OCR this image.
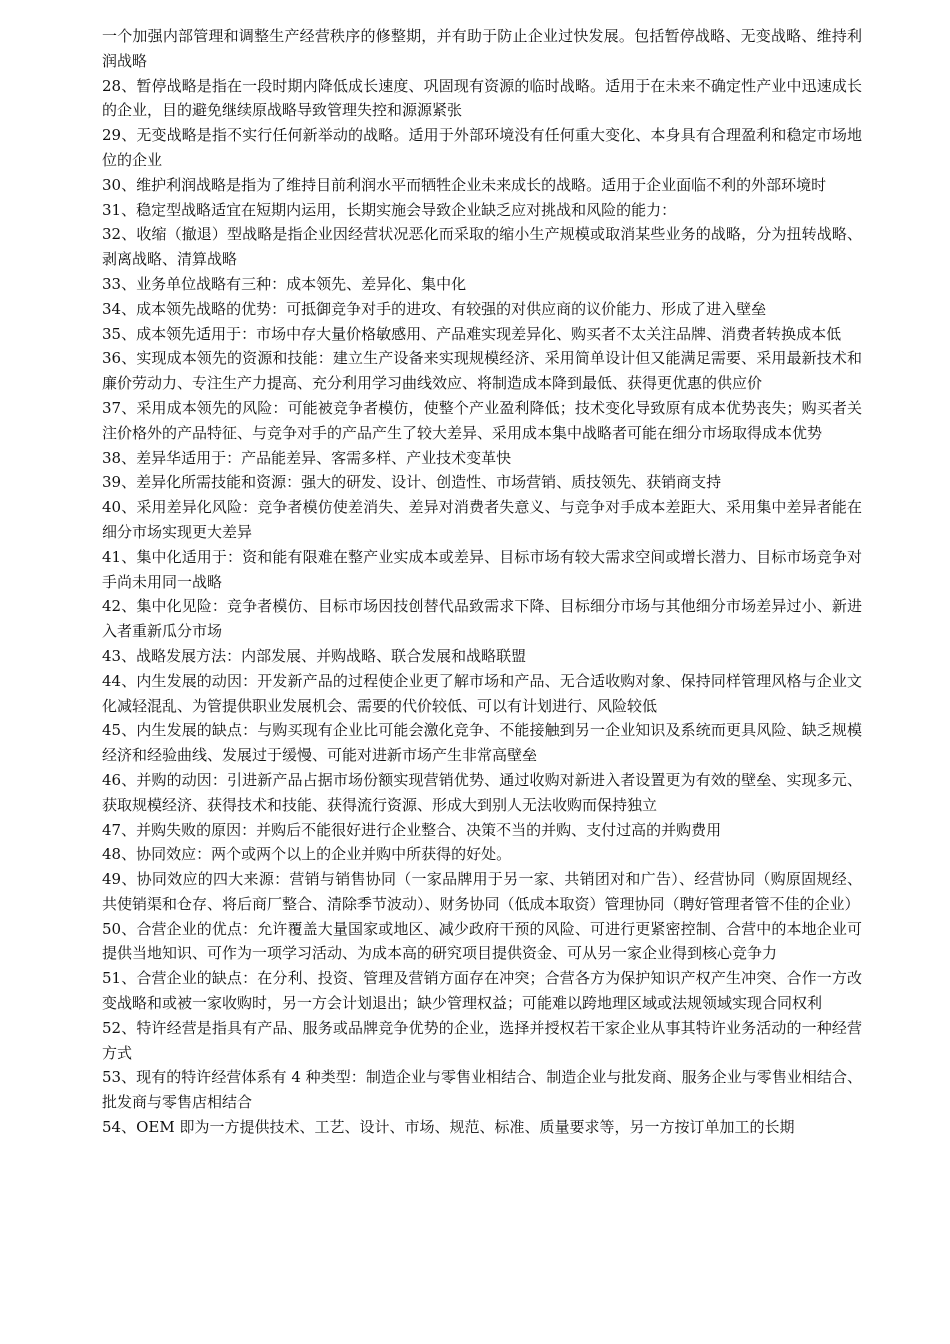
一个加强内部管理和调整生产经营秩序的修整期，并有助于防止企业过快发展。包括暂停战略、无变战略、维持利润战略

28、暂停战略是指在一段时期内降低成长速度、巩固现有资源的临时战略。适用于在未来不确定性产业中迅速成长的企业，目的避免继续原战略导致管理失控和源源紧张

29、无变战略是指不实行任何新举动的战略。适用于外部环境没有任何重大变化、本身具有合理盈利和稳定市场地位的企业

30、维护利润战略是指为了维持目前利润水平而牺牲企业未来成长的战略。适用于企业面临不利的外部环境时

31、稳定型战略适宜在短期内运用，长期实施会导致企业缺乏应对挑战和风险的能力：

32、收缩（撤退）型战略是指企业因经营状况恶化而采取的缩小生产规模或取消某些业务的战略，分为扭转战略、剥离战略、清算战略

33、业务单位战略有三种：成本领先、差异化、集中化

34、成本领先战略的优势：可抵御竞争对手的进攻、有较强的对供应商的议价能力、形成了进入壁垒

35、成本领先适用于：市场中存大量价格敏感用、产品难实现差异化、购买者不太关注品牌、消费者转换成本低

36、实现成本领先的资源和技能：建立生产设备来实现规模经济、采用简单设计但又能满足需要、采用最新技术和廉价劳动力、专注生产力提高、充分利用学习曲线效应、将制造成本降到最低、获得更优惠的供应价

37、采用成本领先的风险：可能被竞争者模仿，使整个产业盈利降低；技术变化导致原有成本优势丧失；购买者关注价格外的产品特征、与竞争对手的产品产生了较大差异、采用成本集中战略者可能在细分市场取得成本优势

38、差异华适用于：产品能差异、客需多样、产业技术变革快

39、差异化所需技能和资源：强大的研发、设计、创造性、市场营销、质技领先、获销商支持

40、采用差异化风险：竞争者模仿使差消失、差异对消费者失意义、与竞争对手成本差距大、采用集中差异者能在细分市场实现更大差异

41、集中化适用于：资和能有限难在整产业实成本或差异、目标市场有较大需求空间或增长潜力、目标市场竞争对手尚未用同一战略

42、集中化见险：竞争者模仿、目标市场因技创替代品致需求下降、目标细分市场与其他细分市场差异过小、新进入者重新瓜分市场

43、战略发展方法：内部发展、并购战略、联合发展和战略联盟

44、内生发展的动因：开发新产品的过程使企业更了解市场和产品、无合适收购对象、保持同样管理风格与企业文化减轻混乱、为管提供职业发展机会、需要的代价较低、可以有计划进行、风险较低

45、内生发展的缺点：与购买现有企业比可能会激化竞争、不能接触到另一企业知识及系统而更具风险、缺乏规模经济和经验曲线、发展过于缓慢、可能对进新市场产生非常高壁垒

46、并购的动因：引进新产品占据市场份额实现营销优势、通过收购对新进入者设置更为有效的壁垒、实现多元、获取规模经济、获得技术和技能、获得流行资源、形成大到别人无法收购而保持独立

47、并购失败的原因：并购后不能很好进行企业整合、决策不当的并购、支付过高的并购费用

48、协同效应：两个或两个以上的企业并购中所获得的好处。

49、协同效应的四大来源：营销与销售协同（一家品牌用于另一家、共销团对和广告）、经营协同（购原固规经、共使销渠和仓存、将后商厂整合、清除季节波动）、财务协同（低成本取资）管理协同（聘好管理者管不佳的企业）

50、合营企业的优点：允许覆盖大量国家或地区、减少政府干预的风险、可进行更紧密控制、合营中的本地企业可提供当地知识、可作为一项学习活动、为成本高的研究项目提供资金、可从另一家企业得到核心竞争力

51、合营企业的缺点：在分利、投资、管理及营销方面存在冲突；合营各方为保护知识产权产生冲突、合作一方改变战略和或被一家收购时，另一方会计划退出；缺少管理权益；可能难以跨地理区域或法规领域实现合同权利

52、特许经营是指具有产品、服务或品牌竞争优势的企业，选择并授权若干家企业从事其特许业务活动的一种经营方式

53、现有的特许经营体系有 4 种类型：制造企业与零售业相结合、制造企业与批发商、服务企业与零售业相结合、批发商与零售店相结合

54、OEM 即为一方提供技术、工艺、设计、市场、规范、标准、质量要求等，另一方按订单加工的长期
